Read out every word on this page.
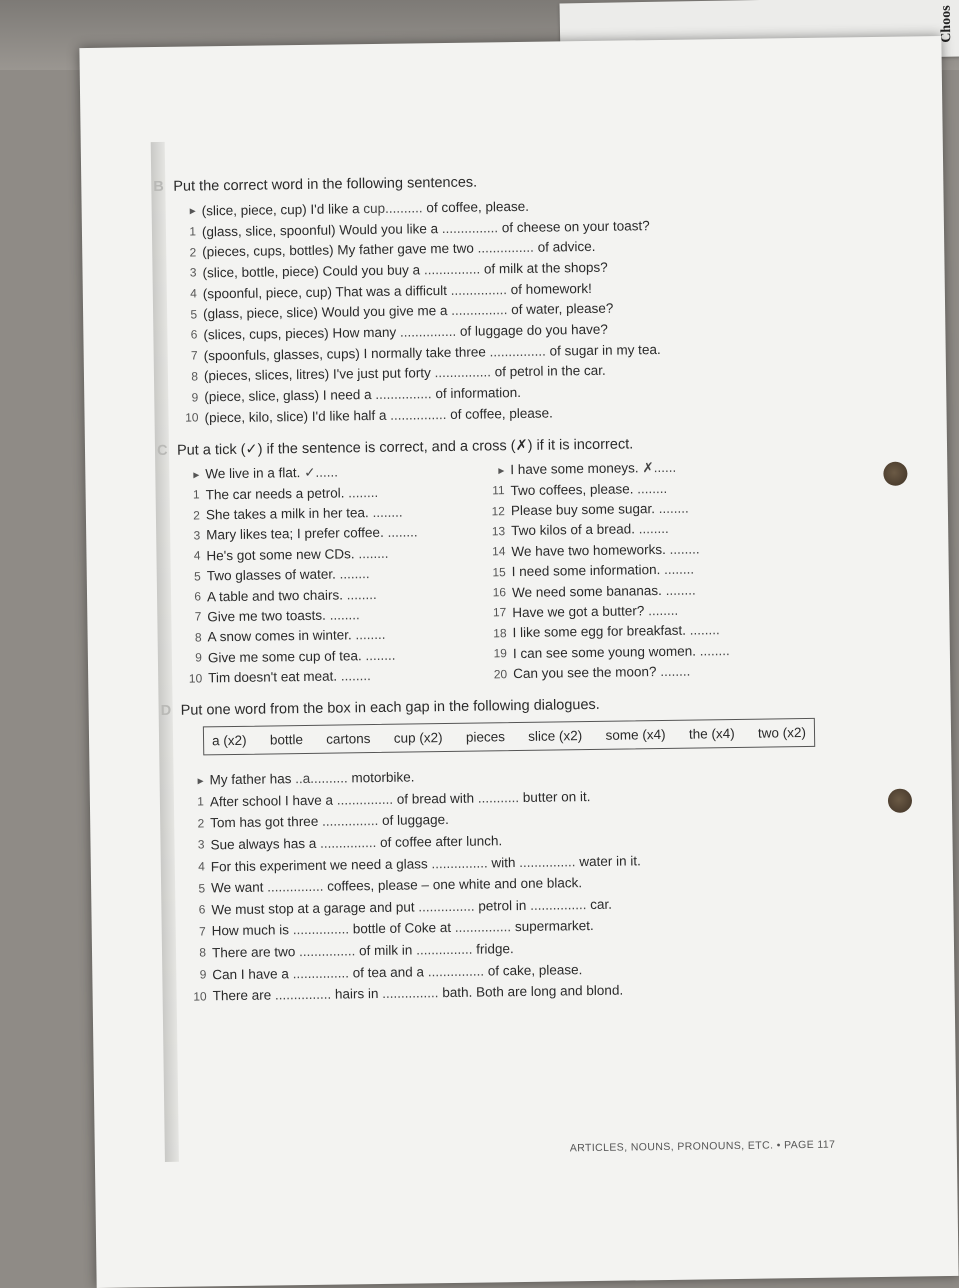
Choos
B Put the correct word in the following sentences.
▸ (slice, piece, cup) I'd like a
cup..........
of coffee, please.
1 (glass, slice, spoonful) Would you like a
...............
of cheese on your toast?
2 (pieces, cups, bottles) My father gave me two
...............
of advice.
3 (slice, bottle, piece) Could you buy a
...............
of milk at the shops?
4 (spoonful, piece, cup) That was a difficult
...............
of homework!
5 (glass, piece, slice) Would you give me a
...............
of water, please?
6 (slices, cups, pieces) How many
...............
of luggage do you have?
7 (spoonfuls, glasses, cups) I normally take three
...............
of sugar in my tea.
8 (pieces, slices, litres) I've just put forty
...............
of petrol in the car.
9 (piece, slice, glass) I need a
...............
of information.
10 (piece, kilo, slice) I'd like half a
...............
of coffee, please.
C Put a tick (✓) if the sentence is correct, and a cross (✗) if it is incorrect.
▸ We live in a flat.
✓......
1 The car needs a petrol.
........
2 She takes a milk in her tea.
........
3 Mary likes tea; I prefer coffee.
........
4 He's got some new CDs.
........
5 Two glasses of water.
........
6 A table and two chairs.
........
7 Give me two toasts.
........
8 A snow comes in winter.
........
9 Give me some cup of tea.
........
10 Tim doesn't eat meat.
........
▸ I have some moneys.
✗......
11 Two coffees, please.
........
12 Please buy some sugar.
........
13 Two kilos of a bread.
........
14 We have two homeworks.
........
15 I need some information.
........
16 We need some bananas.
........
17 Have we got a butter?
........
18 I like some egg for breakfast.
........
19 I can see some young women.
........
20 Can you see the moon?
........
D Put one word from the box in each gap in the following dialogues.
a (x2) bottle cartons cup (x2) pieces slice (x2) some (x4) the (x4) two (x2)
▸ My father has
..a..........
motorbike.
1 After school I have a
...............
of bread with
...........
butter on it.
2 Tom has got three
...............
of luggage.
3 Sue always has a
...............
of coffee after lunch.
4 For this experiment we need a glass
...............
with
...............
water in it.
5 We want
...............
coffees, please – one white and one black.
6 We must stop at a garage and put
...............
petrol in
...............
car.
7 How much is
...............
bottle of Coke at
...............
supermarket.
8 There are two
...............
of milk in
...............
fridge.
9 Can I have a
...............
of tea and a
...............
of cake, please.
10 There are
...............
hairs in
...............
bath. Both are long and blond.
ARTICLES, NOUNS, PRONOUNS, ETC. • PAGE 117
